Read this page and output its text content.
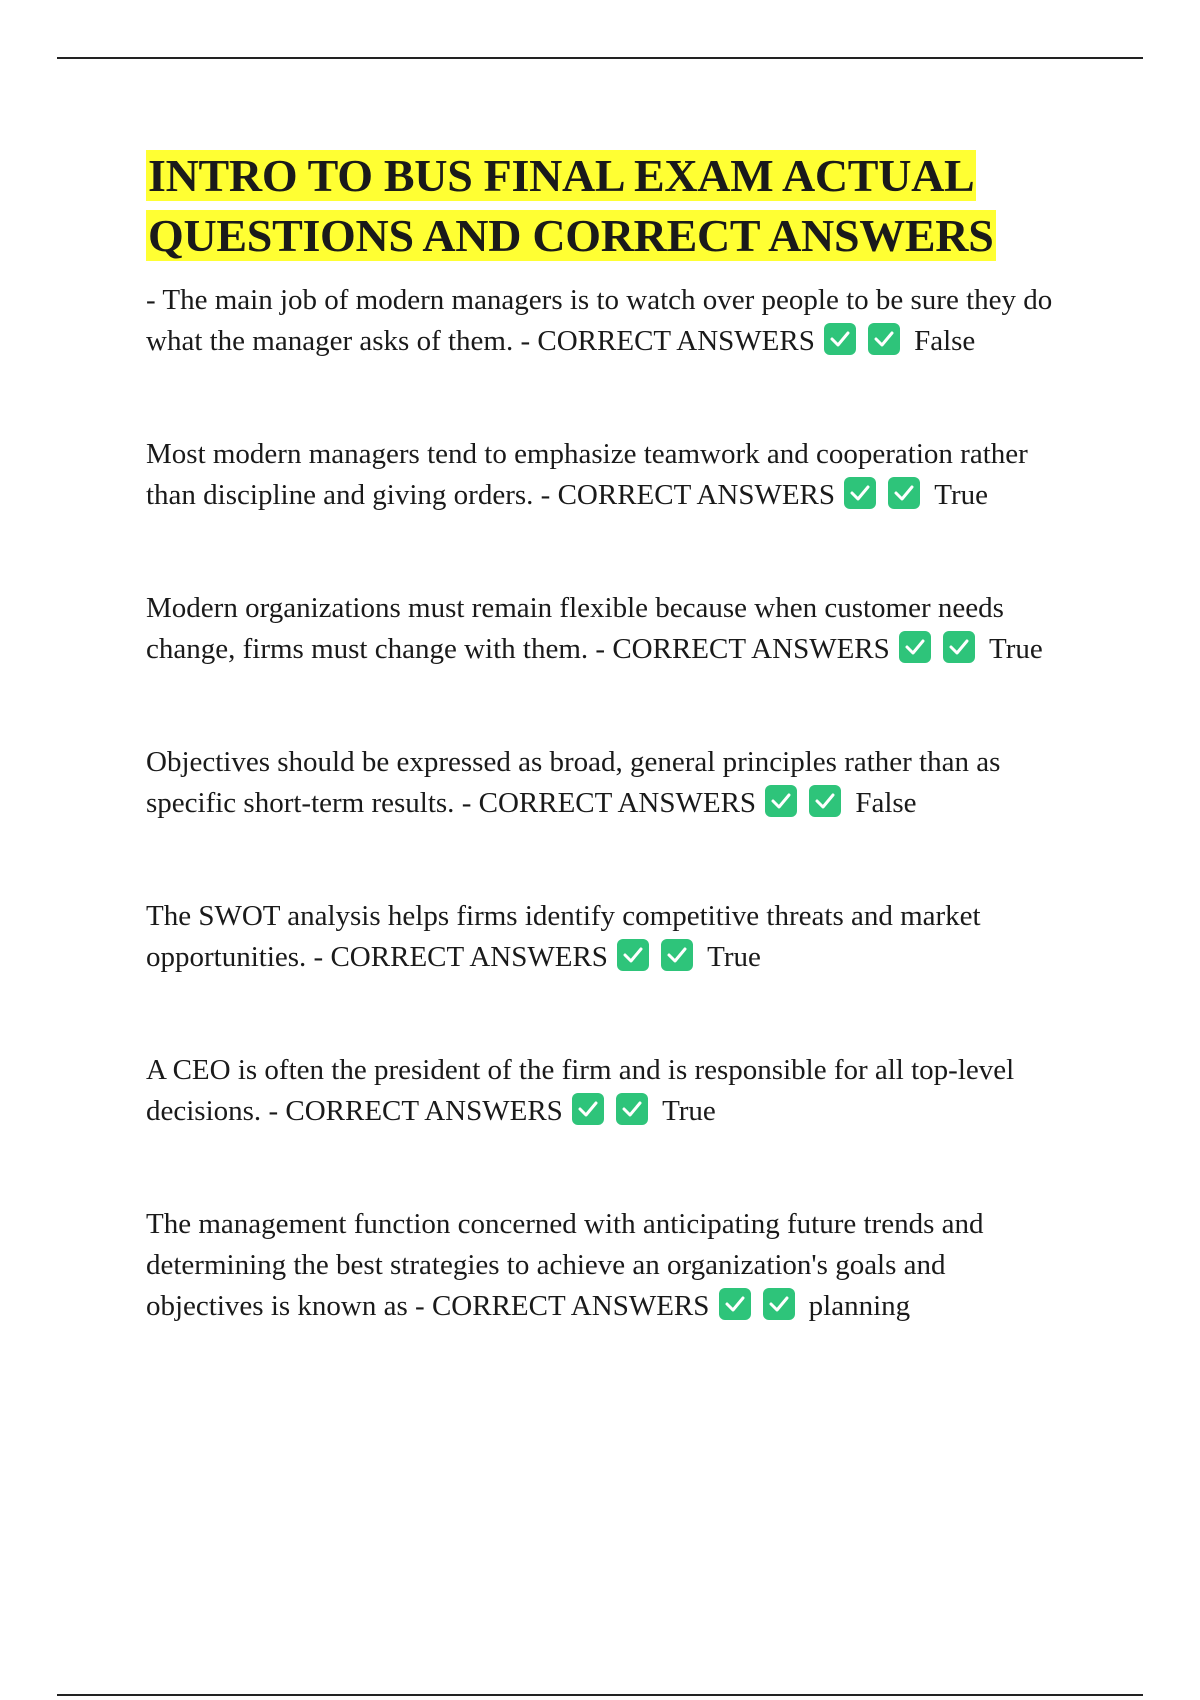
INTRO TO BUS FINAL EXAM ACTUAL QUESTIONS AND CORRECT ANSWERS
- The main job of modern managers is to watch over people to be sure they do what the manager asks of them. - CORRECT ANSWERS	False
Most modern managers tend to emphasize teamwork and cooperation rather than discipline and giving orders. - CORRECT ANSWERS	True
Modern organizations must remain flexible because when customer needs change, firms must change with them. - CORRECT ANSWERS	True
Objectives should be expressed as broad, general principles rather than as specific short-term results. - CORRECT ANSWERS	False
The SWOT analysis helps firms identify competitive threats and market opportunities. - CORRECT ANSWERS	True
A CEO is often the president of the firm and is responsible for all top-level decisions. - CORRECT ANSWERS	True
The management function concerned with anticipating future trends and determining the best strategies to achieve an organization's goals and objectives is known as - CORRECT ANSWERS	planning
